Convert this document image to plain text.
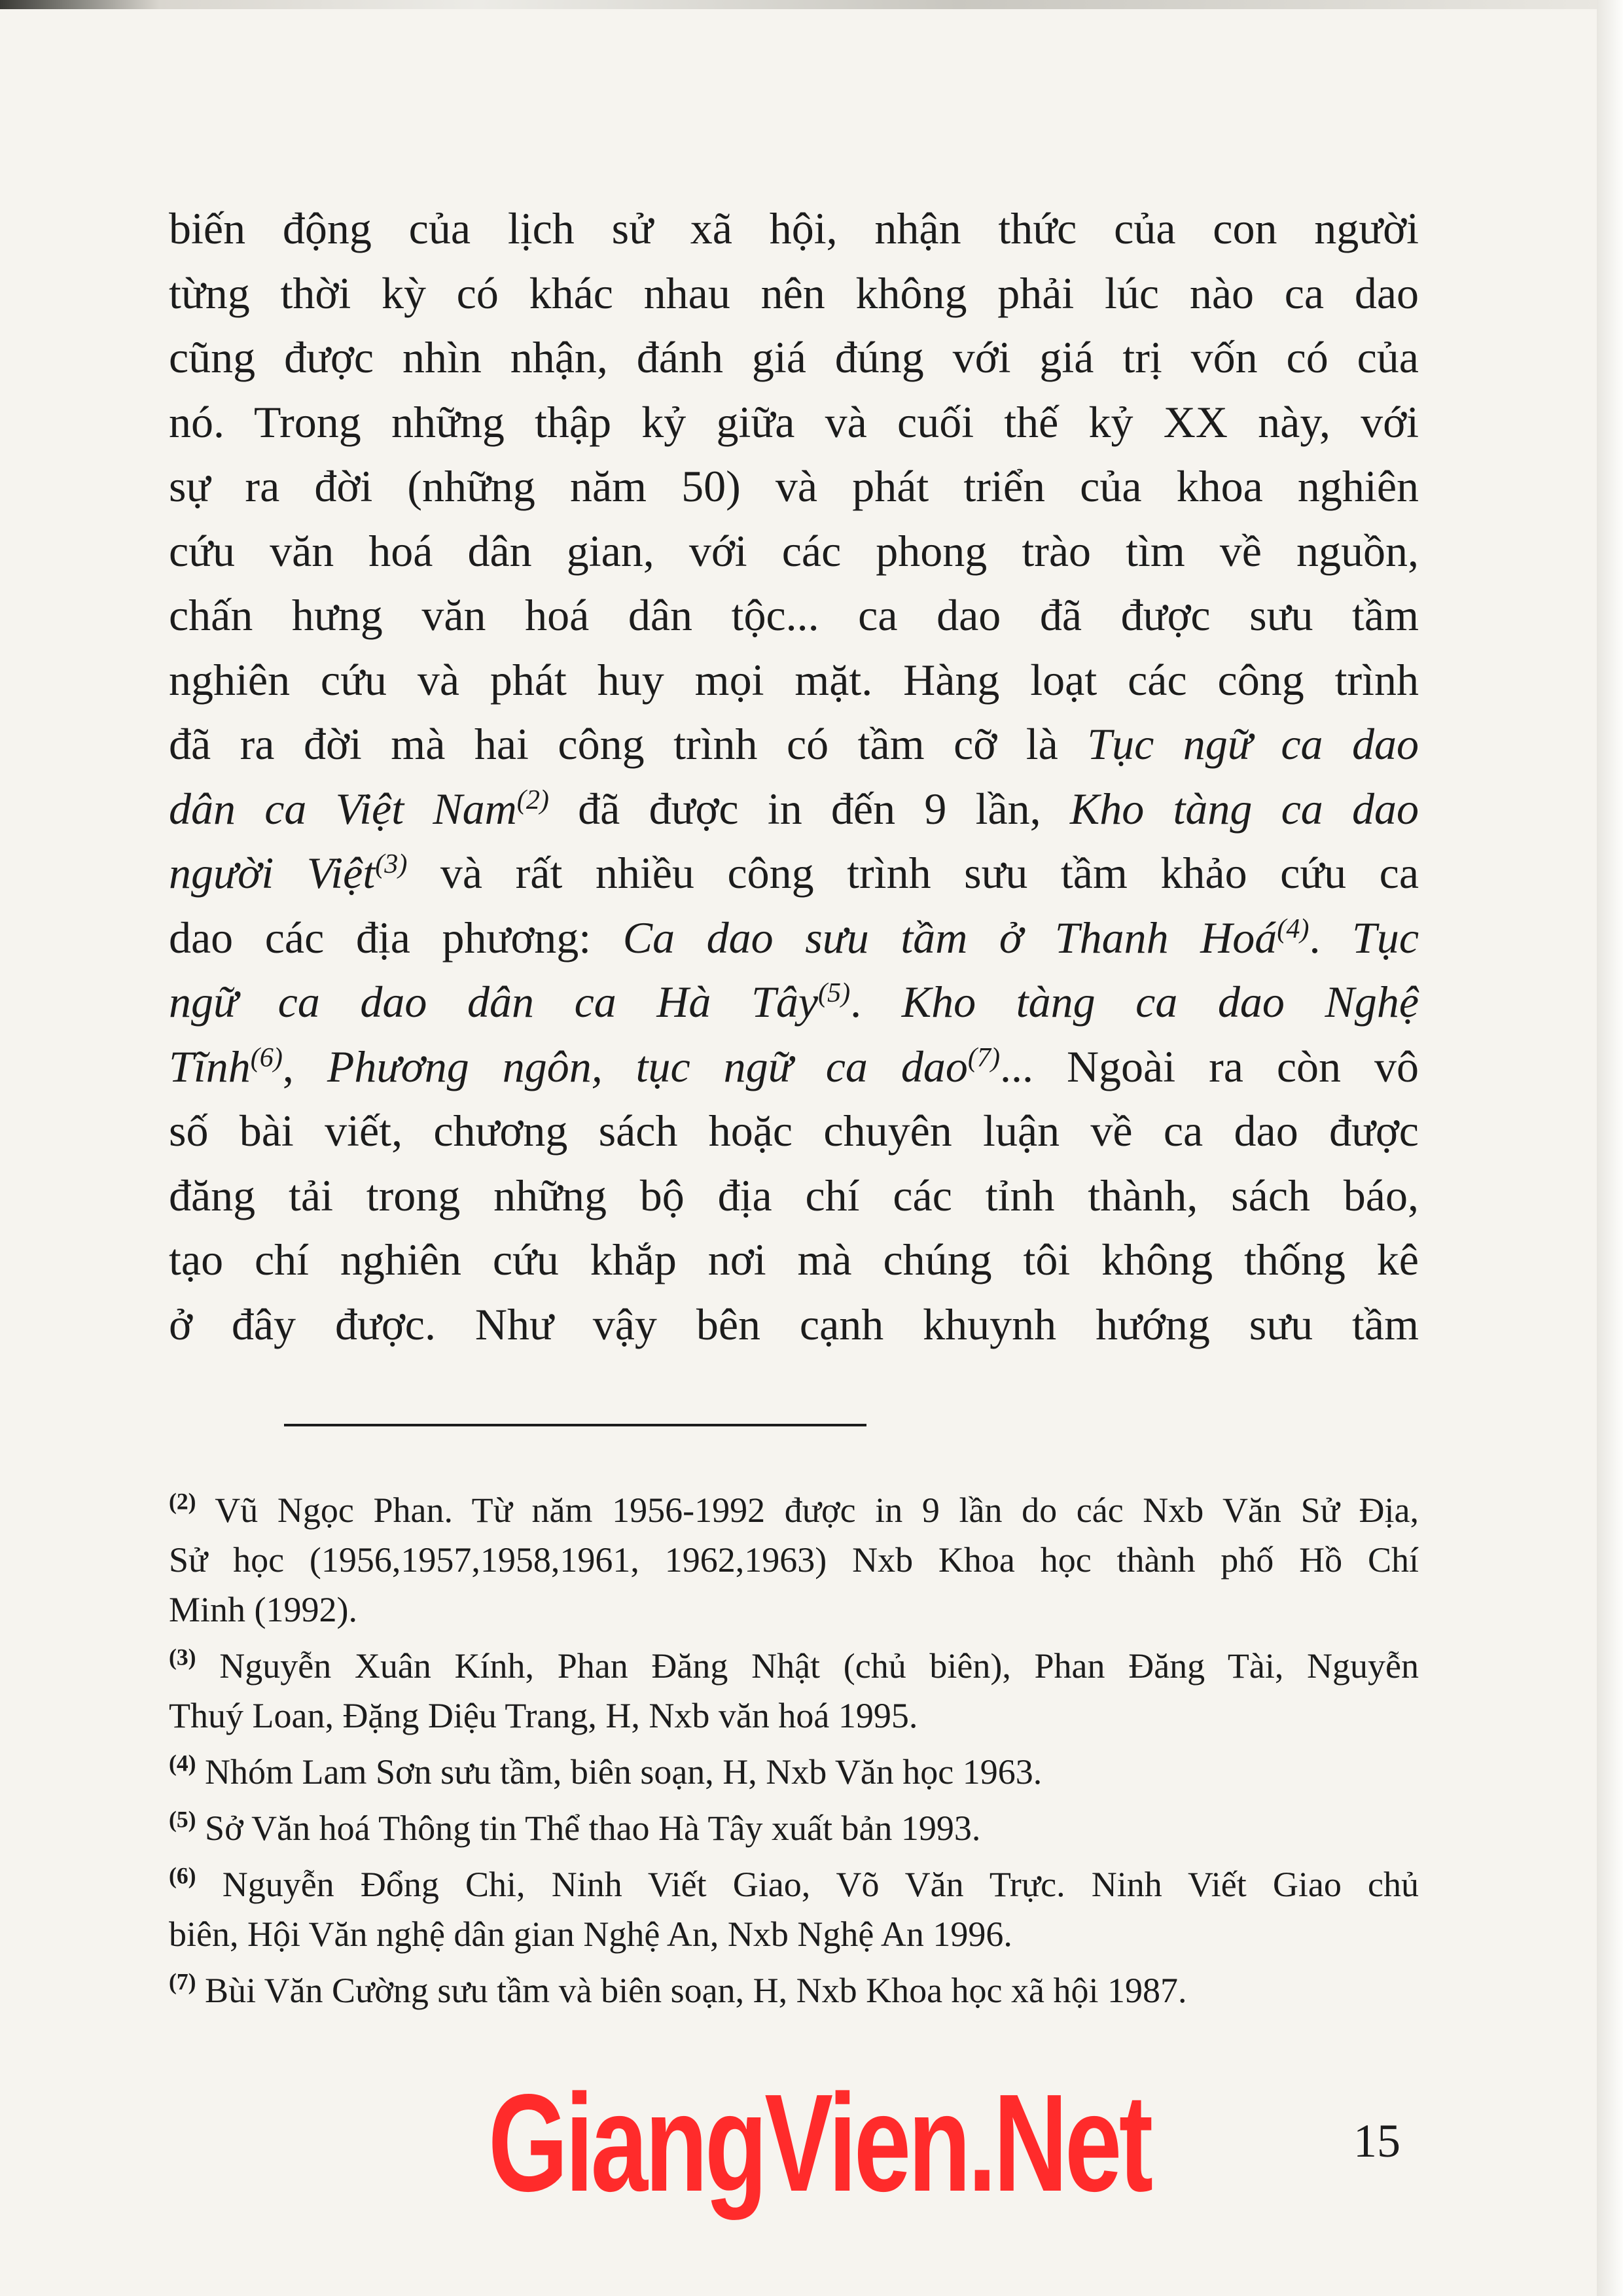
biến động của lịch sử xã hội, nhận thức của con người
từng thời kỳ có khác nhau nên không phải lúc nào ca dao
cũng được nhìn nhận, đánh giá đúng với giá trị vốn có của
nó. Trong những thập kỷ giữa và cuối thế kỷ XX này, với
sự ra đời (những năm 50) và phát triển của khoa nghiên
cứu văn hoá dân gian, với các phong trào tìm về nguồn,
chấn hưng văn hoá dân tộc... ca dao đã được sưu tầm
nghiên cứu và phát huy mọi mặt. Hàng loạt các công trình
đã ra đời mà hai công trình có tầm cỡ là Tục ngữ ca dao
dân ca Việt Nam$^{(2)}$ đã được in đến 9 lần, Kho tàng ca dao
người Việt$^{(3)}$ và rất nhiều công trình sưu tầm khảo cứu ca
dao các địa phương: Ca dao sưu tầm ở Thanh Hoá$^{(4)}$. Tục
ngữ ca dao dân ca Hà Tây$^{(5)}$. Kho tàng ca dao Nghệ
Tĩnh$^{(6)}$, Phương ngôn, tục ngữ ca dao$^{(7)}$... Ngoài ra còn vô
số bài viết, chương sách hoặc chuyên luận về ca dao được
đăng tải trong những bộ địa chí các tỉnh thành, sách báo,
tạo chí nghiên cứu khắp nơi mà chúng tôi không thống kê
ở đây được. Như vậy bên cạnh khuynh hướng sưu tầm
$^{(2)}$ Vũ Ngọc Phan. Từ năm 1956-1992 được in 9 lần do các Nxb Văn Sử Địa,
Sử học (1956,1957,1958,1961, 1962,1963) Nxb Khoa học thành phố Hồ Chí
Minh (1992).
$^{(3)}$ Nguyễn Xuân Kính, Phan Đăng Nhật (chủ biên), Phan Đăng Tài, Nguyễn
Thuý Loan, Đặng Diệu Trang, H, Nxb văn hoá 1995.
$^{(4)}$ Nhóm Lam Sơn sưu tầm, biên soạn, H, Nxb Văn học 1963.
$^{(5)}$ Sở Văn hoá Thông tin Thể thao Hà Tây xuất bản 1993.
$^{(6)}$ Nguyễn Đổng Chi, Ninh Viết Giao, Võ Văn Trực. Ninh Viết Giao chủ
biên, Hội Văn nghệ dân gian Nghệ An, Nxb Nghệ An 1996.
$^{(7)}$ Bùi Văn Cường sưu tầm và biên soạn, H, Nxb Khoa học xã hội 1987.
GiangVien.Net	15
